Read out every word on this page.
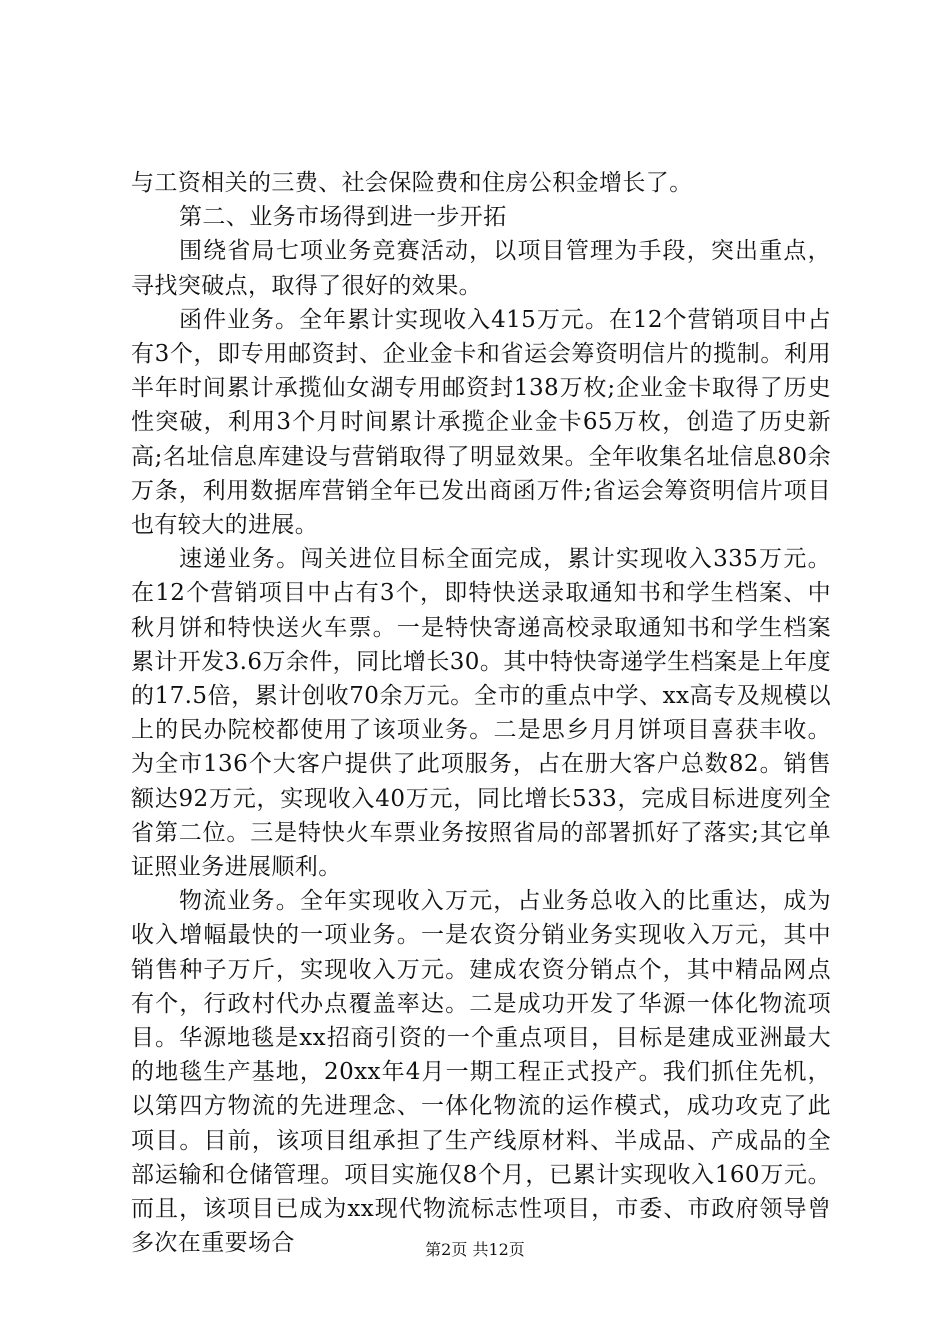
与工资相关的三费、社会保险费和住房公积金增长了。

第二、业务市场得到进一步开拓

围绕省局七项业务竞赛活动，以项目管理为手段，突出重点，寻找突破点，取得了很好的效果。

函件业务。全年累计实现收入415万元。在12个营销项目中占有3个，即专用邮资封、企业金卡和省运会筹资明信片的揽制。利用半年时间累计承揽仙女湖专用邮资封138万枚;企业金卡取得了历史性突破，利用3个月时间累计承揽企业金卡65万枚，创造了历史新高;名址信息库建设与营销取得了明显效果。全年收集名址信息80余万条，利用数据库营销全年已发出商函万件;省运会筹资明信片项目也有较大的进展。

速递业务。闯关进位目标全面完成，累计实现收入335万元。在12个营销项目中占有3个，即特快送录取通知书和学生档案、中秋月饼和特快送火车票。一是特快寄递高校录取通知书和学生档案累计开发3.6万余件，同比增长30。其中特快寄递学生档案是上年度的17.5倍，累计创收70余万元。全市的重点中学、xx高专及规模以上的民办院校都使用了该项业务。二是思乡月月饼项目喜获丰收。为全市136个大客户提供了此项服务，占在册大客户总数82。销售额达92万元，实现收入40万元，同比增长533，完成目标进度列全省第二位。三是特快火车票业务按照省局的部署抓好了落实;其它单证照业务进展顺利。

物流业务。全年实现收入万元，占业务总收入的比重达，成为收入增幅最快的一项业务。一是农资分销业务实现收入万元，其中销售种子万斤，实现收入万元。建成农资分销点个，其中精品网点有个，行政村代办点覆盖率达。二是成功开发了华源一体化物流项目。华源地毯是xx招商引资的一个重点项目，目标是建成亚洲最大的地毯生产基地，20xx年4月一期工程正式投产。我们抓住先机，以第四方物流的先进理念、一体化物流的运作模式，成功攻克了此项目。目前，该项目组承担了生产线原材料、半成品、产成品的全部运输和仓储管理。项目实施仅8个月，已累计实现收入160万元。而且，该项目已成为xx现代物流标志性项目，市委、市政府领导曾多次在重要场合	第2页 共12页
